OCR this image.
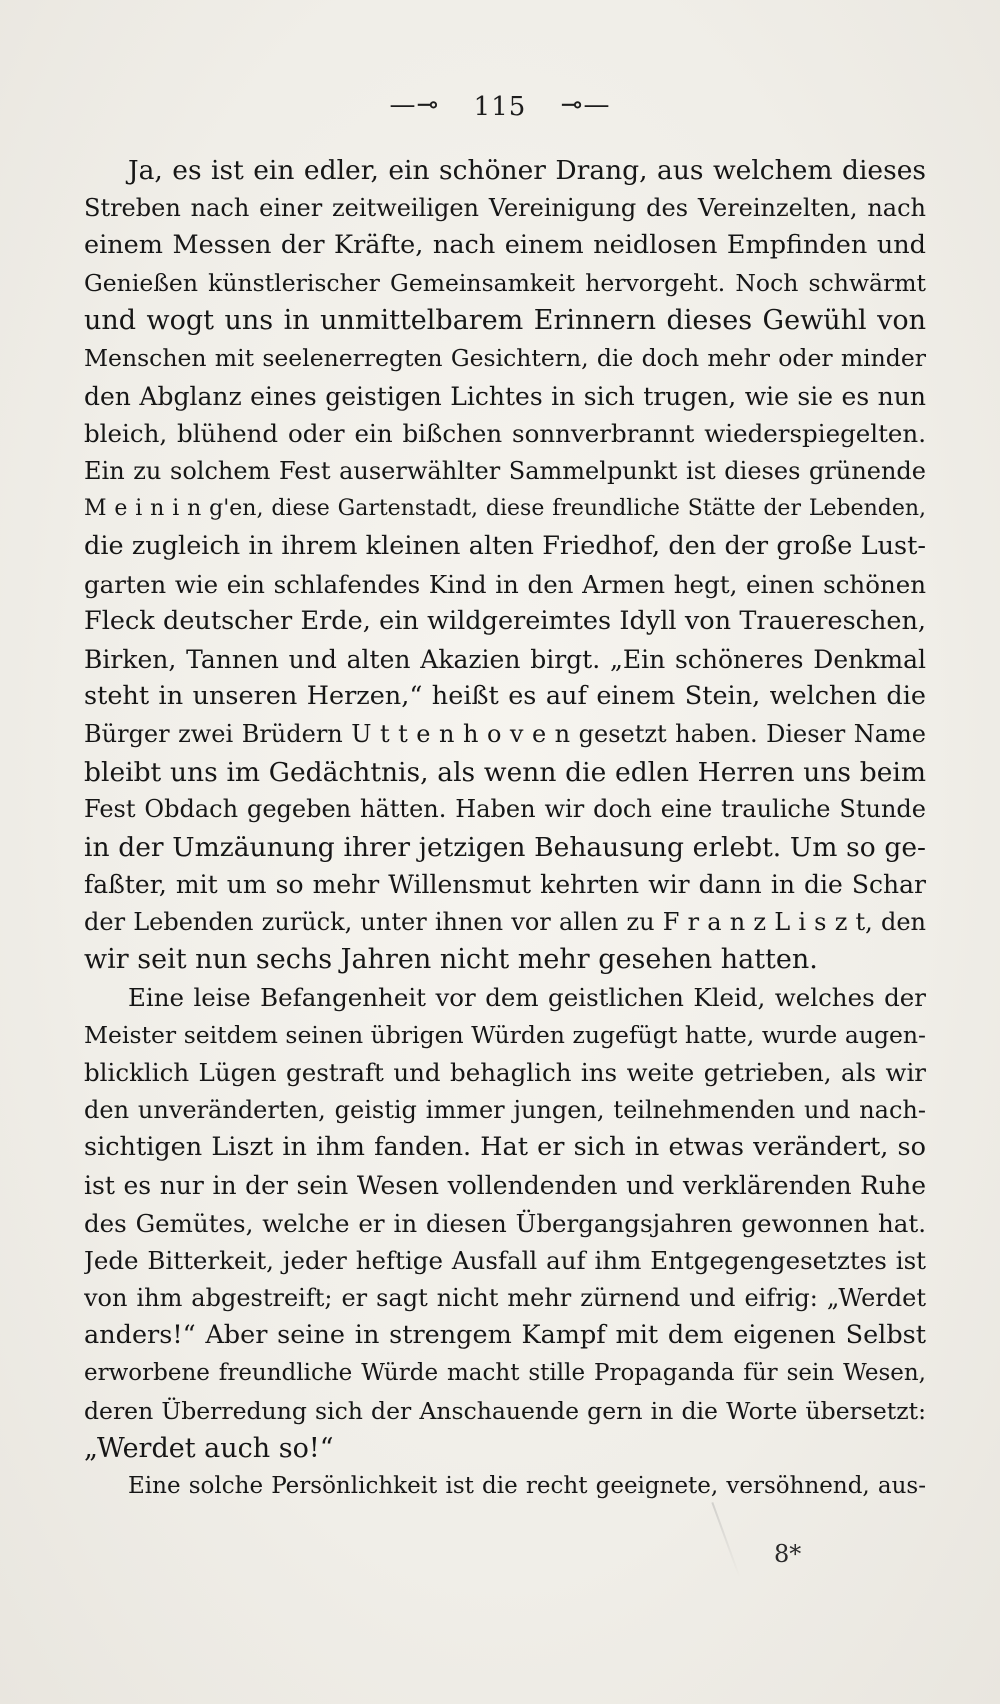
—⊸ 115 ⊸—
Ja, es ist ein edler, ein schöner Drang, aus welchem dieses
Streben nach einer zeitweiligen Vereinigung des Vereinzelten, nach
einem Messen der Kräfte, nach einem neidlosen Empfinden und
Genießen künstlerischer Gemeinsamkeit hervorgeht. Noch schwärmt
und wogt uns in unmittelbarem Erinnern dieses Gewühl von
Menschen mit seelenerregten Gesichtern, die doch mehr oder minder
den Abglanz eines geistigen Lichtes in sich trugen, wie sie es nun
bleich, blühend oder ein bißchen sonnverbrannt wiederspiegelten.
Ein zu solchem Fest auserwählter Sammelpunkt ist dieses grünende
M e i n i n g'en, diese Gartenstadt, diese freundliche Stätte der Lebenden,
die zugleich in ihrem kleinen alten Friedhof, den der große Lust-
garten wie ein schlafendes Kind in den Armen hegt, einen schönen
Fleck deutscher Erde, ein wildgereimtes Idyll von Trauereschen,
Birken, Tannen und alten Akazien birgt. „Ein schöneres Denkmal
steht in unseren Herzen,“ heißt es auf einem Stein, welchen die
Bürger zwei Brüdern U t t e n h o v e n gesetzt haben. Dieser Name
bleibt uns im Gedächtnis, als wenn die edlen Herren uns beim
Fest Obdach gegeben hätten. Haben wir doch eine trauliche Stunde
in der Umzäunung ihrer jetzigen Behausung erlebt. Um so ge-
faßter, mit um so mehr Willensmut kehrten wir dann in die Schar
der Lebenden zurück, unter ihnen vor allen zu F r a n z L i s z t, den
wir seit nun sechs Jahren nicht mehr gesehen hatten.
Eine leise Befangenheit vor dem geistlichen Kleid, welches der
Meister seitdem seinen übrigen Würden zugefügt hatte, wurde augen-
blicklich Lügen gestraft und behaglich ins weite getrieben, als wir
den unveränderten, geistig immer jungen, teilnehmenden und nach-
sichtigen Liszt in ihm fanden. Hat er sich in etwas verändert, so
ist es nur in der sein Wesen vollendenden und verklärenden Ruhe
des Gemütes, welche er in diesen Übergangsjahren gewonnen hat.
Jede Bitterkeit, jeder heftige Ausfall auf ihm Entgegengesetztes ist
von ihm abgestreift; er sagt nicht mehr zürnend und eifrig: „Werdet
anders!“ Aber seine in strengem Kampf mit dem eigenen Selbst
erworbene freundliche Würde macht stille Propaganda für sein Wesen,
deren Überredung sich der Anschauende gern in die Worte übersetzt:
„Werdet auch so!“
Eine solche Persönlichkeit ist die recht geeignete, versöhnend, aus-
8*
